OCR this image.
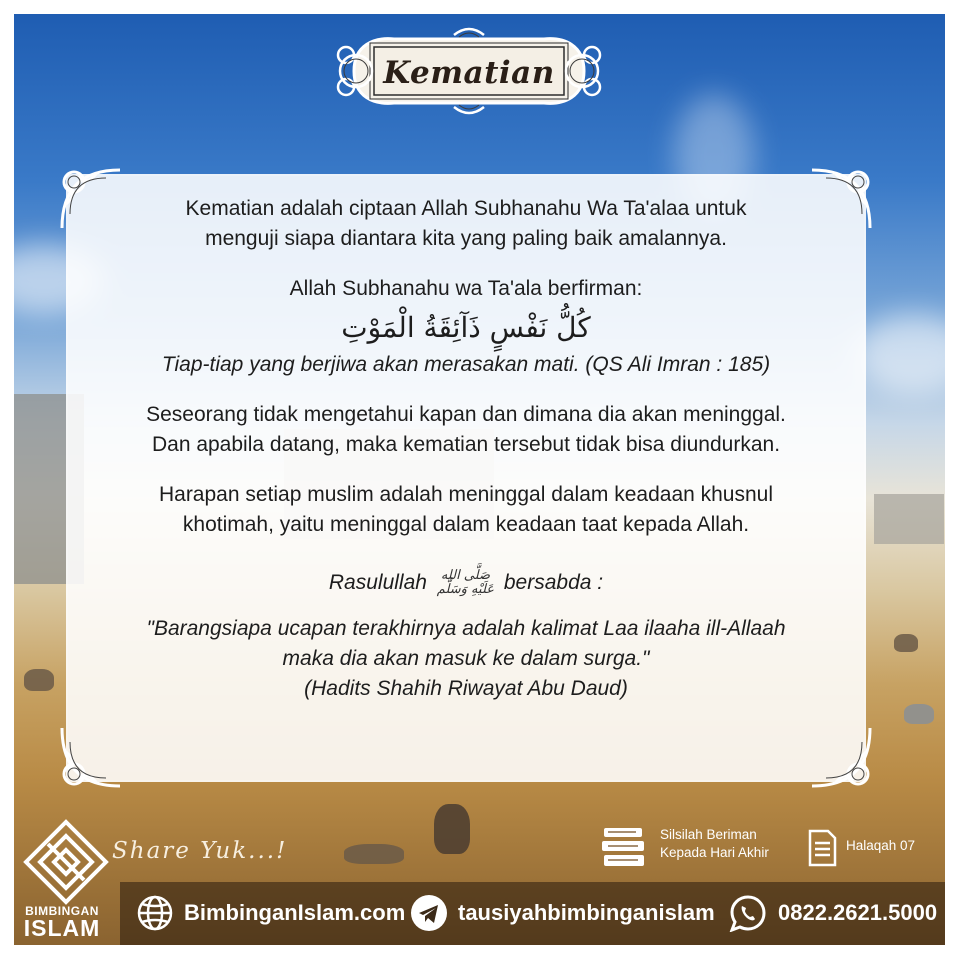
Kematian

Kematian adalah ciptaan Allah Subhanahu Wa Ta'alaa untuk

menguji siapa diantara kita yang paling baik amalannya.

Allah Subhanahu wa Ta'ala berfirman:

كُلُّ نَفْسٍ ذَآئِقَةُ الْمَوْتِ

Tiap-tiap yang berjiwa akan merasakan mati. (QS Ali Imran : 185)

Seseorang tidak mengetahui kapan dan dimana dia akan meninggal.

Dan apabila datang, maka kematian tersebut tidak bisa diundurkan.

Harapan setiap muslim adalah meninggal dalam keadaan khusnul

khotimah, yaitu meninggal dalam keadaan taat kepada Allah.

Rasulullah	صَلَّى الله
عَلَيْهِ وَسَلَّم bersabda :

"Barangsiapa ucapan terakhirnya adalah kalimat Laa ilaaha ill-Allaah

maka dia akan masuk ke dalam surga."

(Hadits Shahih Riwayat Abu Daud)

Share Yuk...!
BIMBINGAN
ISLAM
Silsilah Beriman
Kepada Hari Akhir	Halaqah 07
BimbinganIslam.com tausiyahbimbinganislam	0822.2621.5000
